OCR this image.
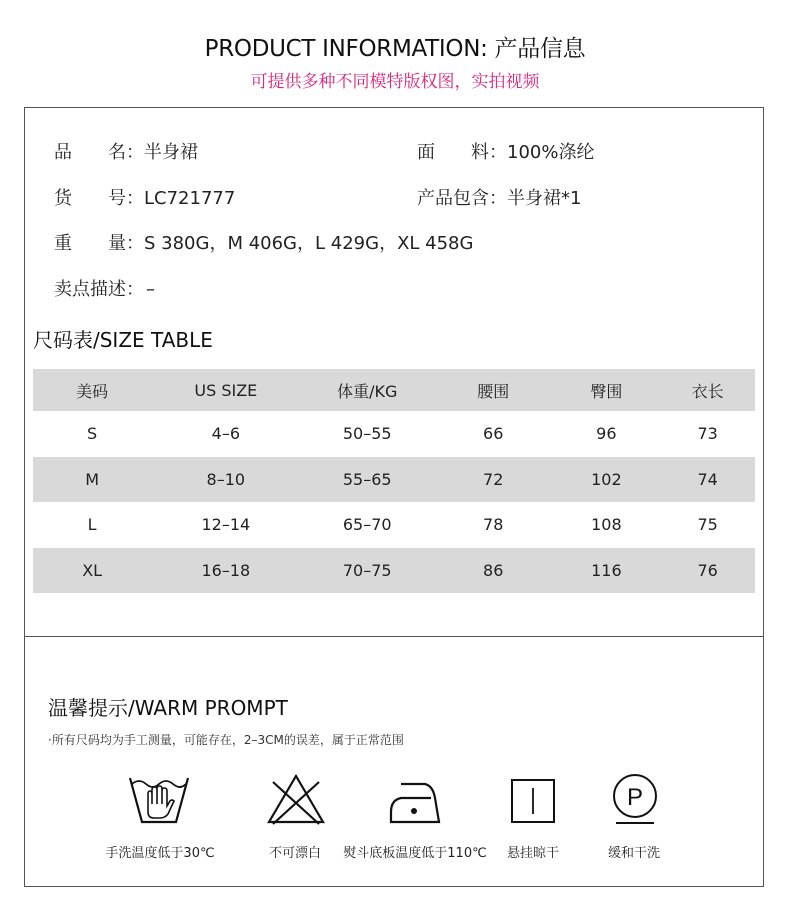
PRODUCT INFORMATION: 产品信息
可提供多种不同模特版权图，实拍视频
品　　名：半身裙	面　　料：100%涤纶
货　　号：LC721777	产品包含：半身裙*1
重　　量：S 380G，M 406G，L 429G，XL 458G
卖点描述： –
尺码表/SIZE TABLE
美码	US SIZE	体重/KG	腰围	臀围	衣长
S	4–6	50–55	66	96	73
M	8–10	55–65	72	102	74
L	12–14	65–70	78	108	75
XL	16–18	70–75	86	116	76
温馨提示/WARM PROMPT
·所有尺码均为手工测量，可能存在，2–3CM的误差，属于正常范围
P
手洗温度低于30℃	不可漂白	熨斗底板温度低于110℃	悬挂晾干	缓和干洗
